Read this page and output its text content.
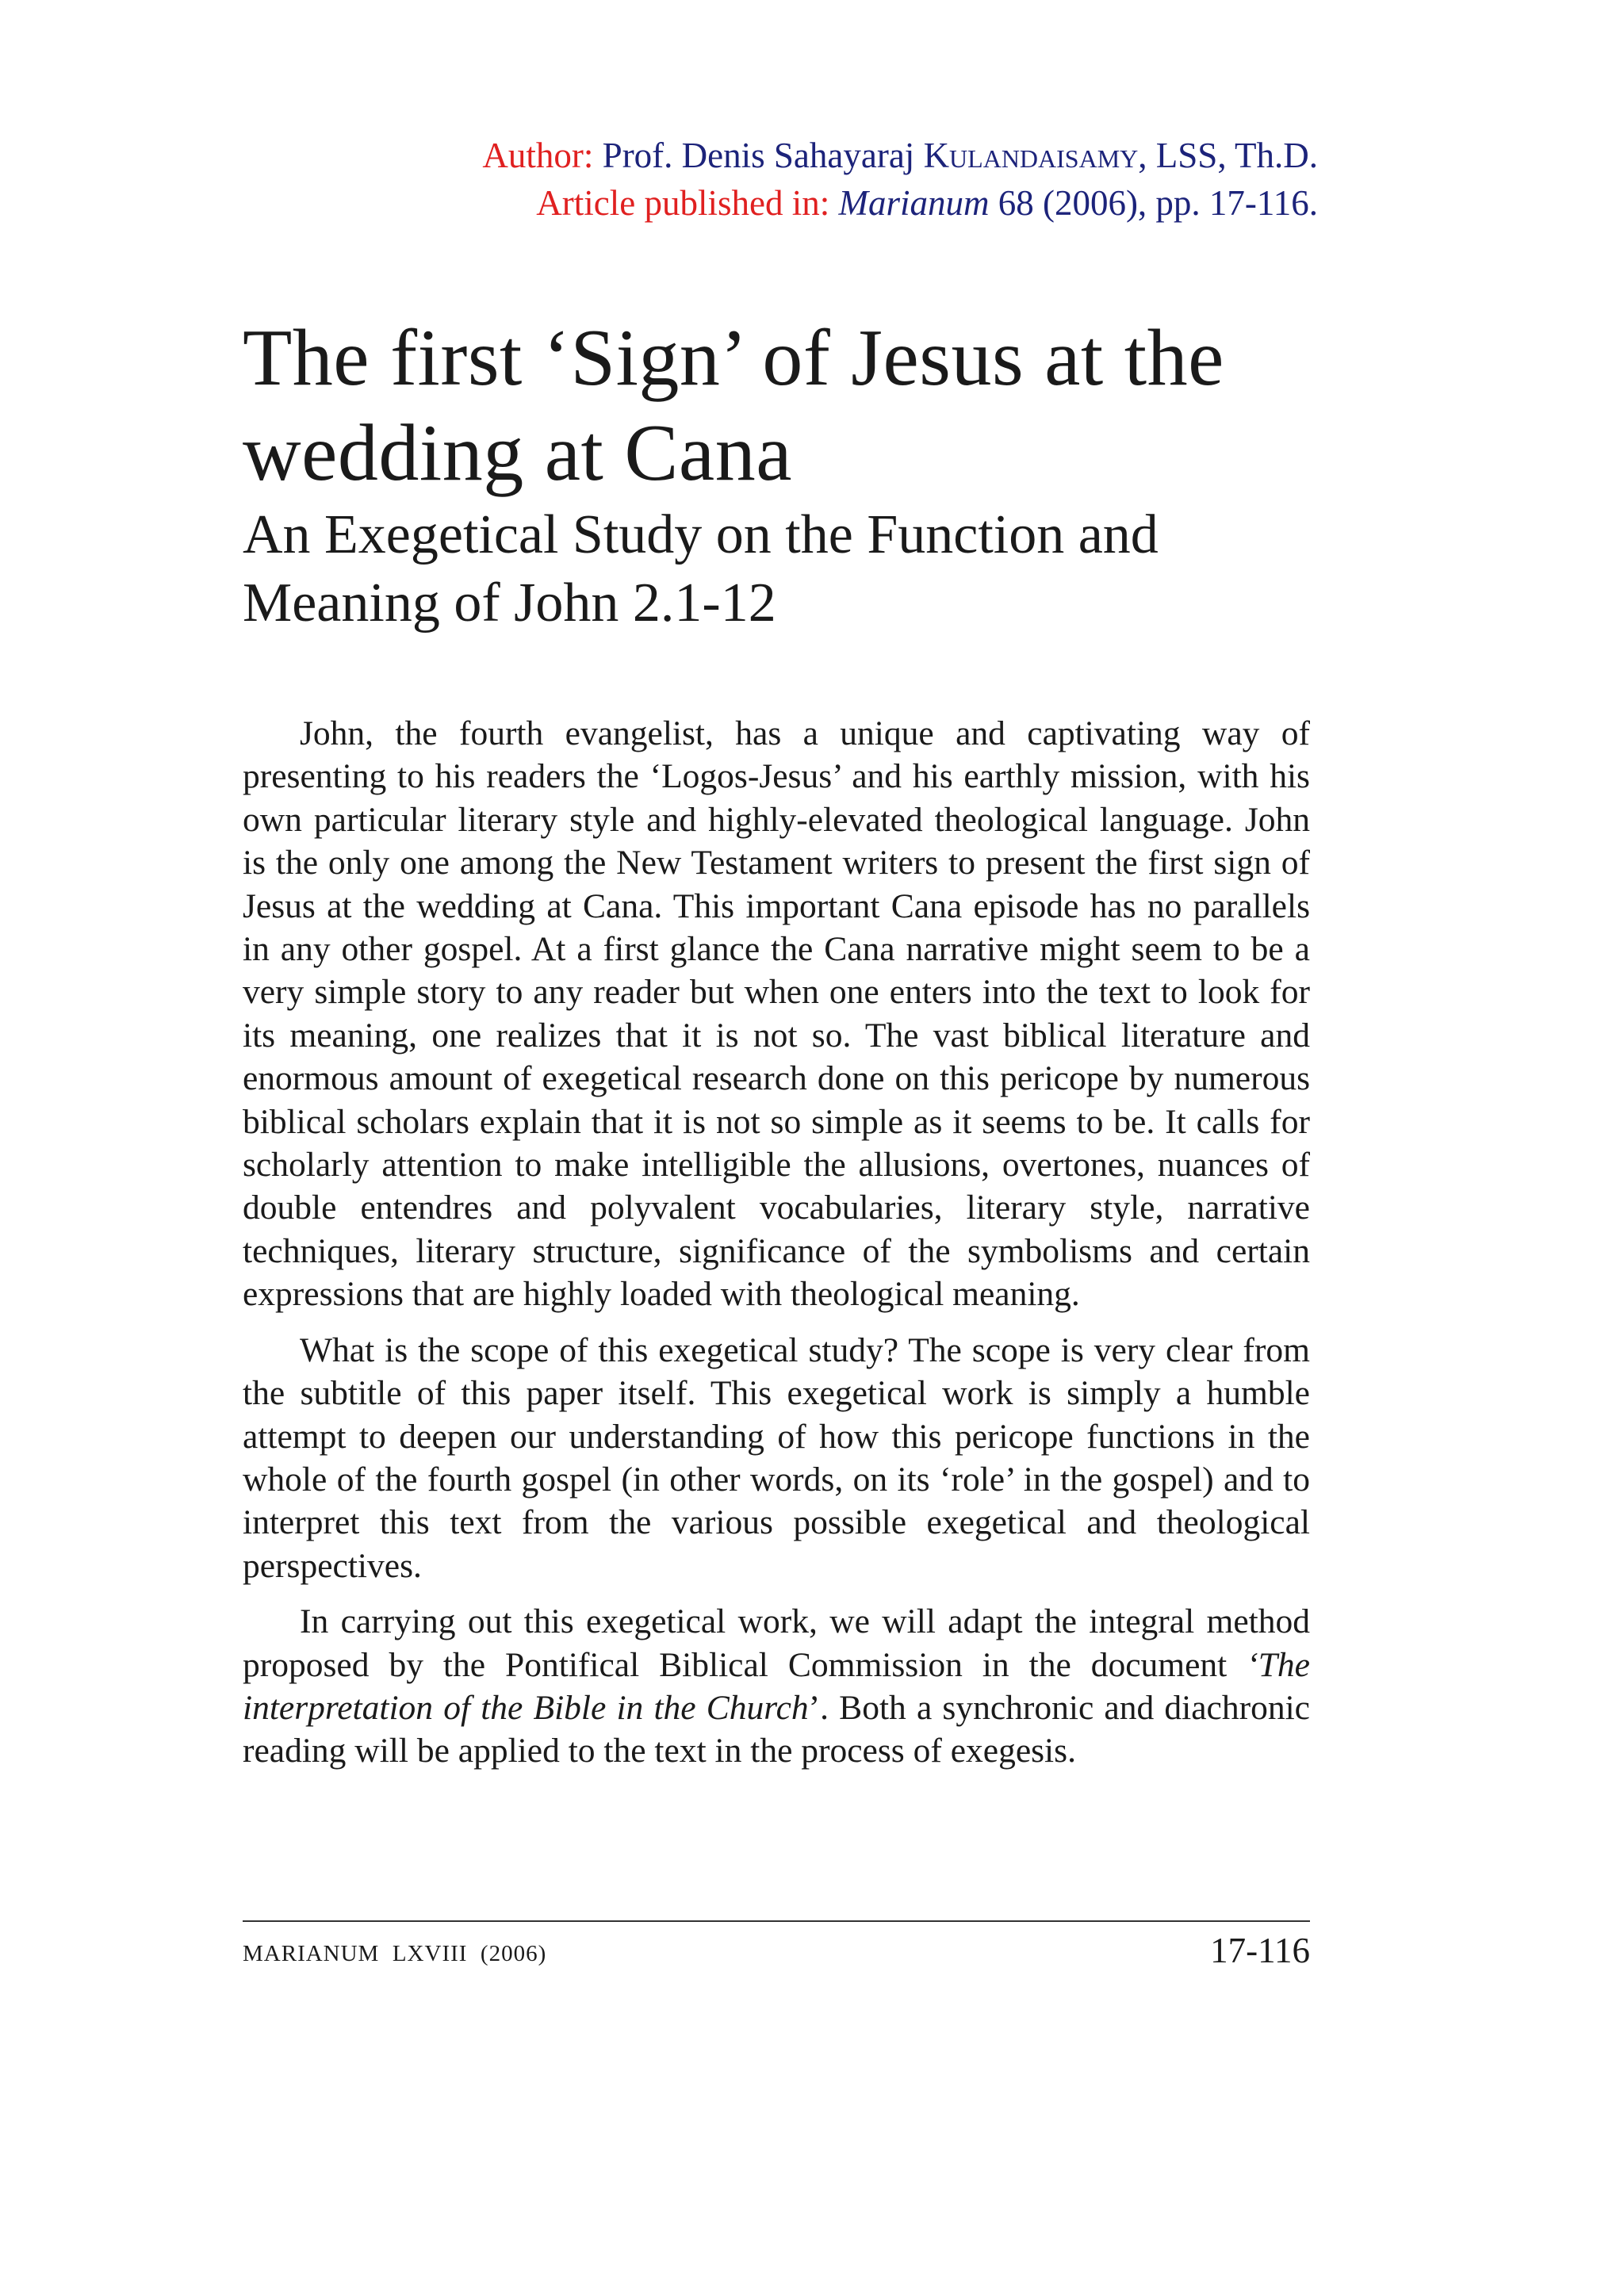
Author: Prof. Denis Sahayaraj Kulandaisamy, LSS, Th.D.
Article published in: Marianum 68 (2006), pp. 17-116.
The first ‘Sign’ of Jesus at the wedding at Cana
An Exegetical Study on the Function and Meaning of John 2.1-12

John, the fourth evangelist, has a unique and captivating way of presenting to his readers the ‘Logos-Jesus’ and his earthly mission, with his own particular literary style and highly-elevated theological language. John is the only one among the New Testament writers to present the first sign of Jesus at the wedding at Cana. This important Cana episode has no parallels in any other gospel. At a first glance the Cana narrative might seem to be a very simple story to any reader but when one enters into the text to look for its meaning, one realizes that it is not so. The vast biblical literature and enormous amount of exegetical research done on this pericope by numerous biblical scholars explain that it is not so simple as it seems to be. It calls for scholarly attention to make intelligible the allusions, overtones, nuances of double entendres and polyvalent vocabularies, literary style, narrative techniques, literary structure, significance of the symbolisms and certain expressions that are highly loaded with theological meaning.

What is the scope of this exegetical study? The scope is very clear from the subtitle of this paper itself. This exegetical work is simply a humble attempt to deepen our understanding of how this pericope functions in the whole of the fourth gospel (in other words, on its ‘role’ in the gospel) and to interpret this text from the various possible exegetical and theological perspectives.

In carrying out this exegetical work, we will adapt the integral method proposed by the Pontifical Biblical Commission in the document ‘The interpretation of the Bible in the Church’. Both a synchronic and diachronic reading will be applied to the text in the process of exegesis.

MARIANUM  LXVIII  (2006)	17-116
